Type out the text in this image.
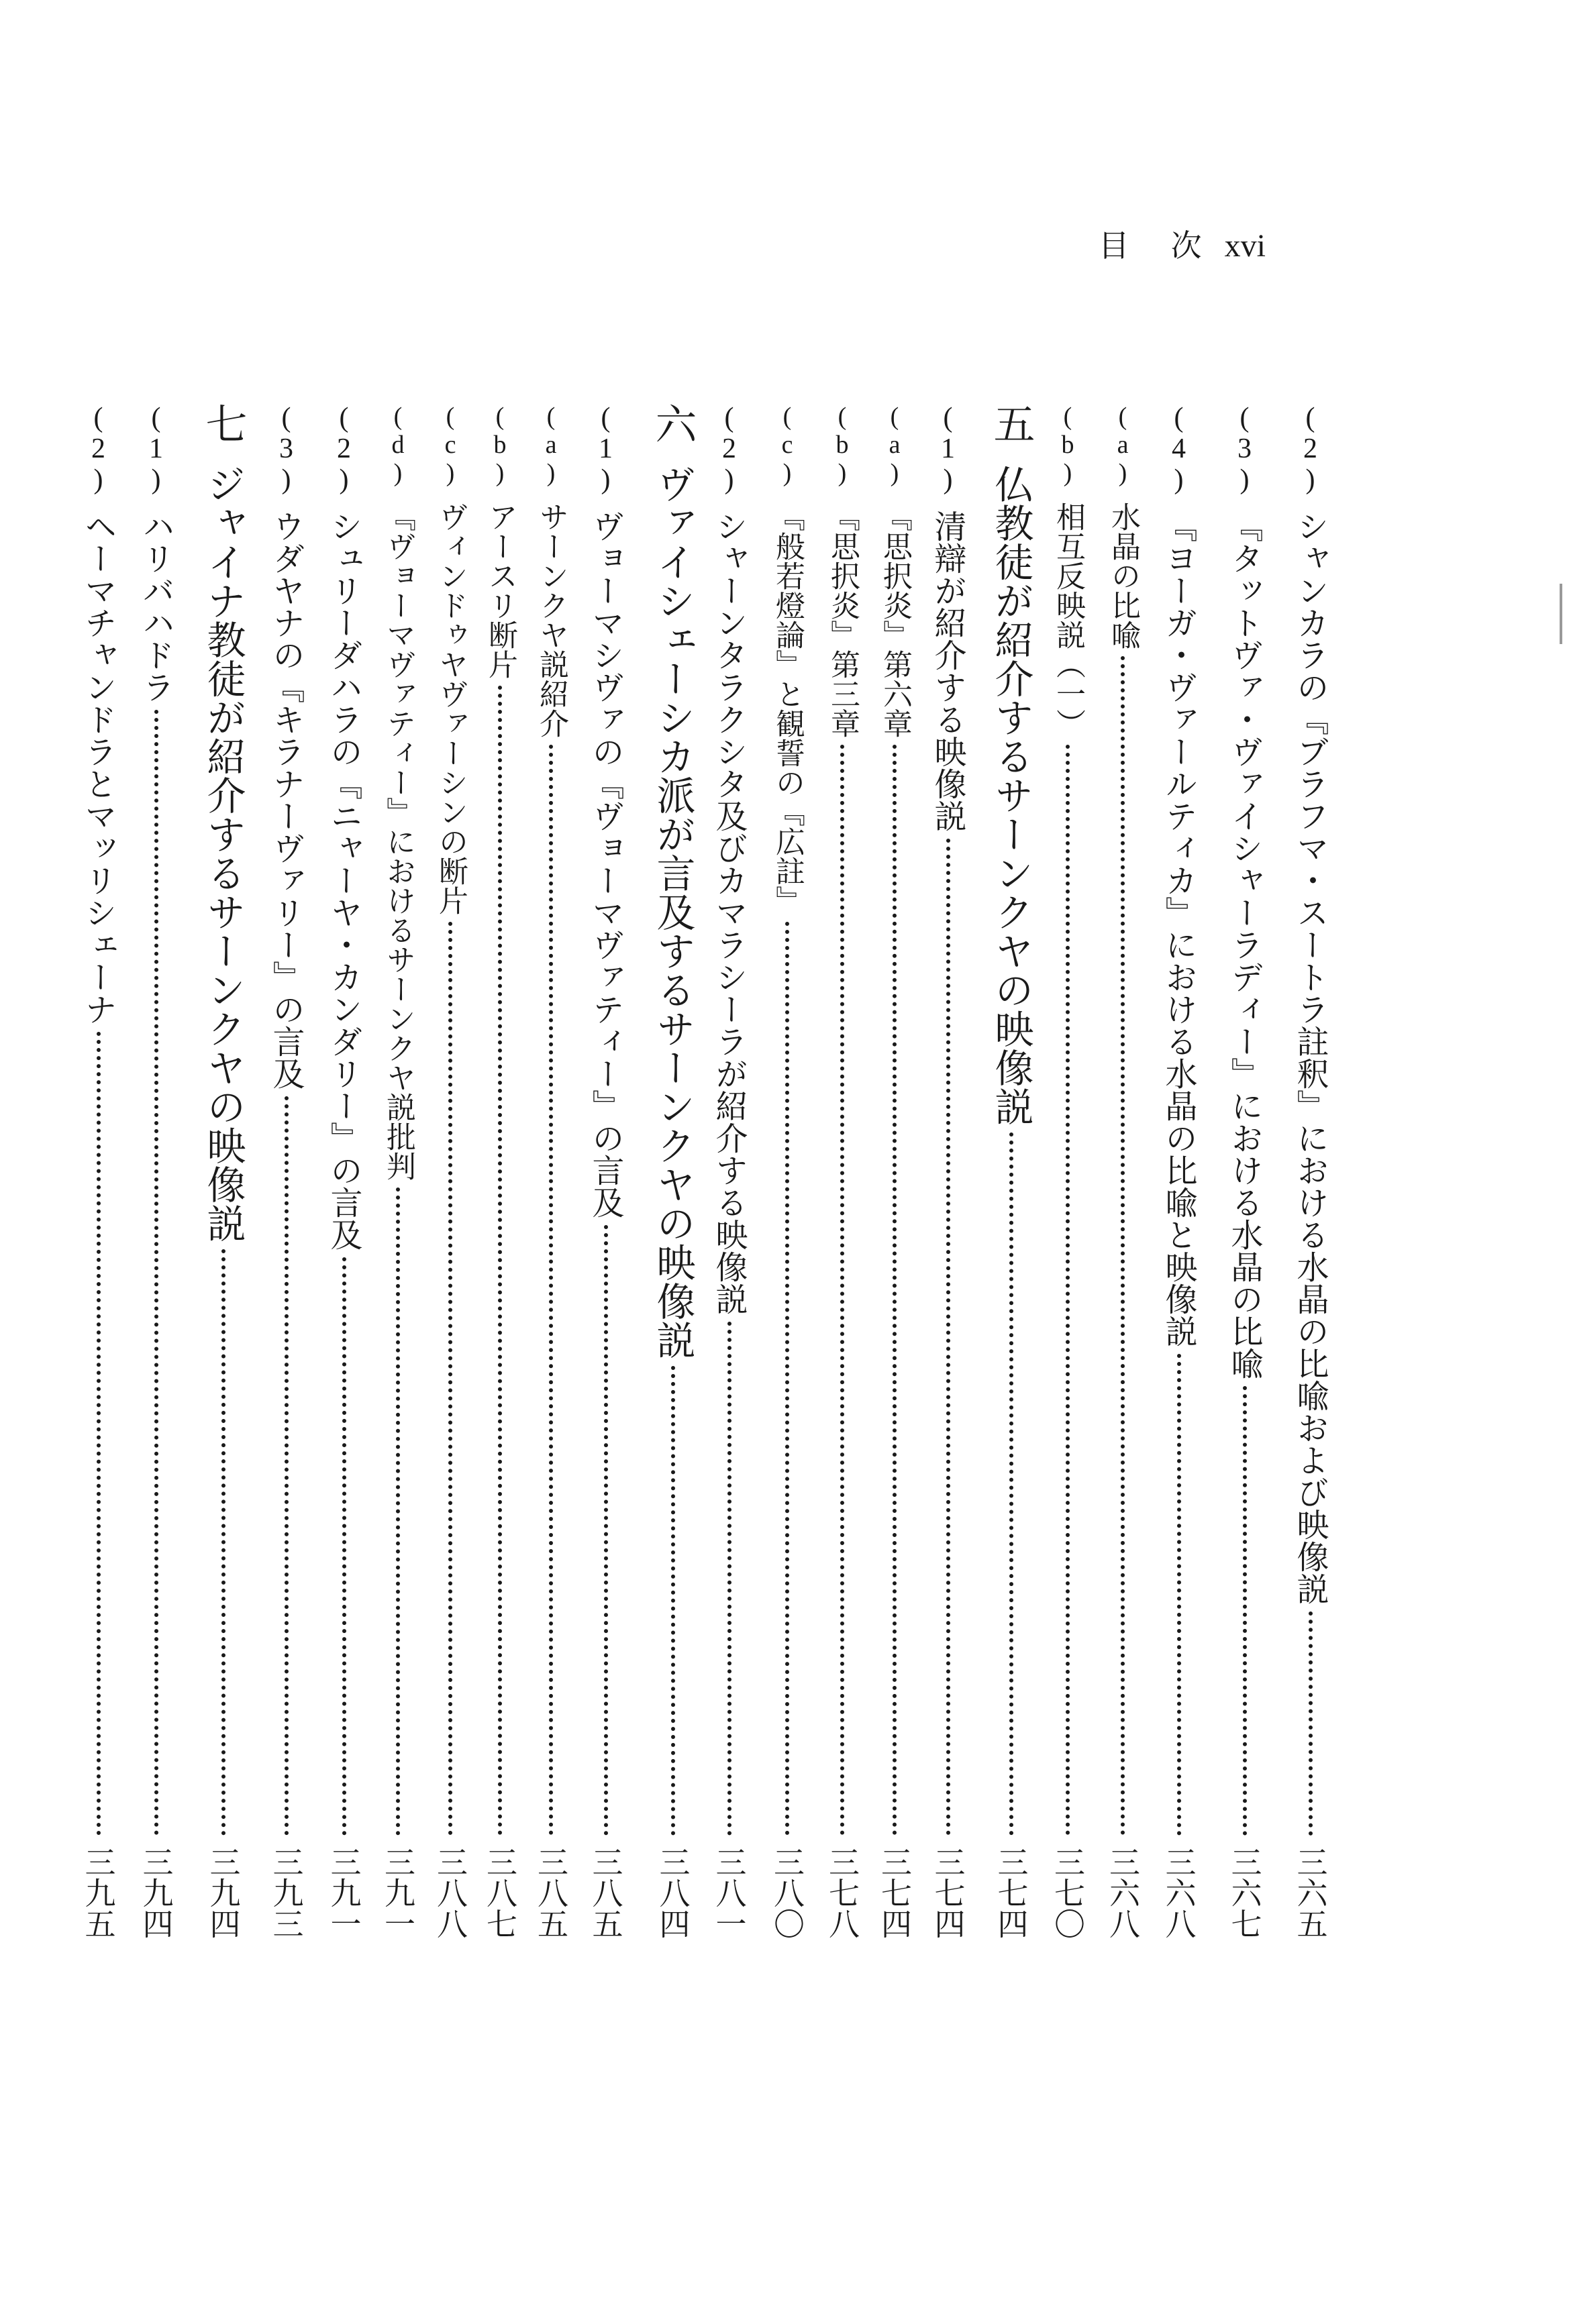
目 次 xvi
(2)
シャンカラの『ブラフマ・スートラ註釈』における水晶の比喩および映像説
三六五
(3)
『タットヴァ・ヴァイシャーラディー』における水晶の比喩
三六七
(4)
『ヨーガ・ヴァールティカ』における水晶の比喩と映像説
三六八
(a)
水晶の比喩
三六八
(b)
相互反映説（一）
三七〇
五
仏教徒が紹介するサーンクヤの映像説
三七四
(1)
清辯が紹介する映像説
三七四
(a)
『思択炎』第六章
三七四
(b)
『思択炎』第三章
三七八
(c)
『般若燈論』と観誓の『広註』
三八〇
(2)
シャーンタラクシタ及びカマラシーラが紹介する映像説
三八一
六
ヴァイシェーシカ派が言及するサーンクヤの映像説
三八四
(1)
ヴョーマシヴァの『ヴョーマヴァティー』の言及
三八五
(a)
サーンクヤ説紹介
三八五
(b)
アースリ断片
三八七
(c)
ヴィンドゥヤヴァーシンの断片
三八八
(d)
『ヴョーマヴァティー』におけるサーンクヤ説批判
三九一
(2)
シュリーダハラの『ニャーヤ・カンダリー』の言及
三九一
(3)
ウダヤナの『キラナーヴァリー』の言及
三九三
七
ジャイナ教徒が紹介するサーンクヤの映像説
三九四
(1)
ハリバハドラ
三九四
(2)
ヘーマチャンドラとマッリシェーナ
三九五
